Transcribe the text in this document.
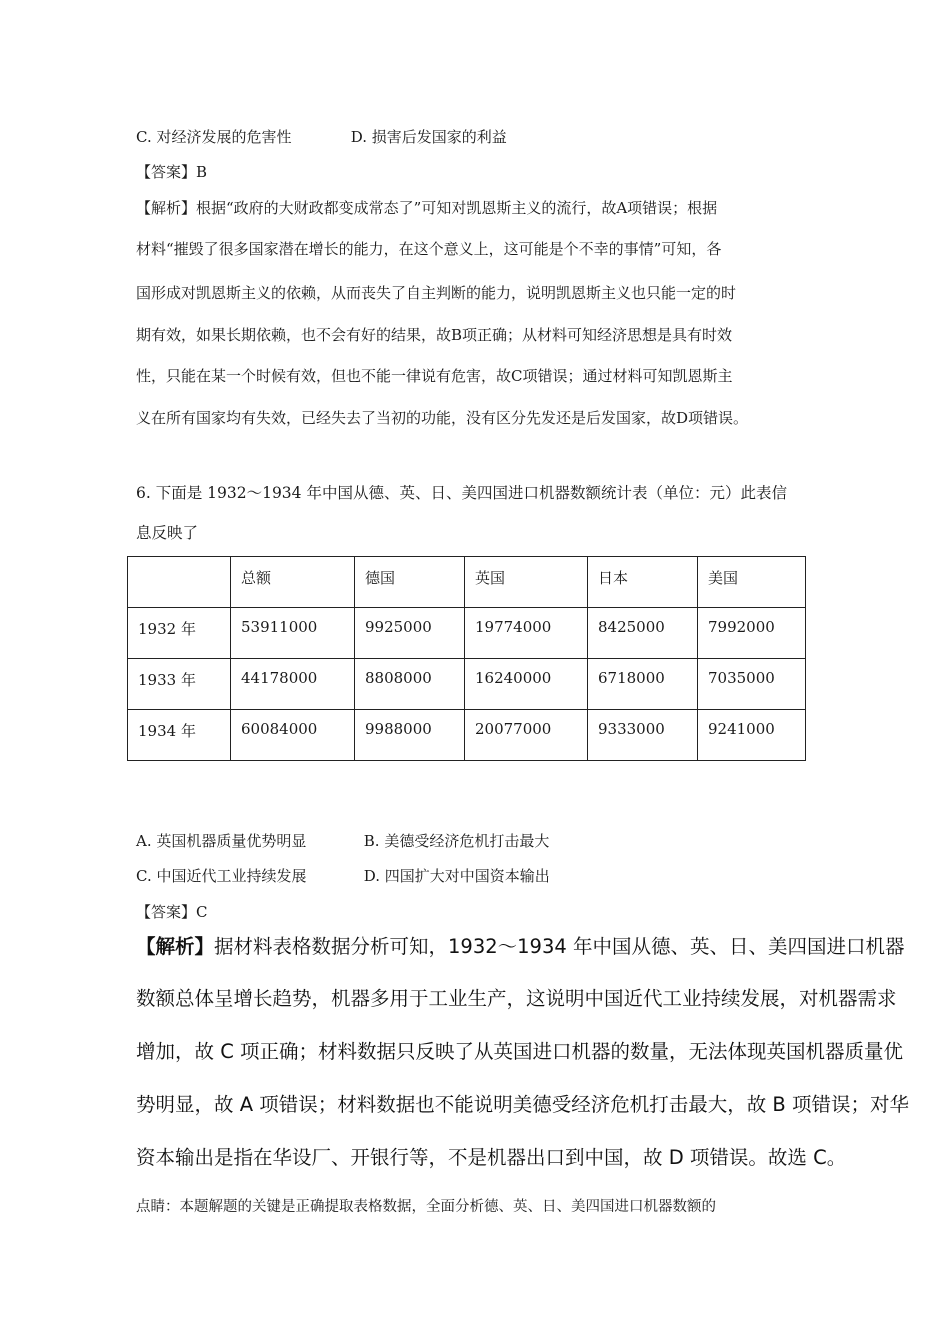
C. 对经济发展的危害性	D. 损害后发国家的利益
【答案】B
【解析】根据“政府的大财政都变成常态了”可知对凯恩斯主义的流行，故A项错误；根据
材料“摧毁了很多国家潜在增长的能力，在这个意义上，这可能是个不幸的事情”可知，各
国形成对凯恩斯主义的依赖，从而丧失了自主判断的能力，说明凯恩斯主义也只能一定的时
期有效，如果长期依赖，也不会有好的结果，故B项正确；从材料可知经济思想是具有时效
性，只能在某一个时候有效，但也不能一律说有危害，故C项错误；通过材料可知凯恩斯主
义在所有国家均有失效，已经失去了当初的功能，没有区分先发还是后发国家，故D项错误。
6. 下面是 1932～1934 年中国从德、英、日、美四国进口机器数额统计表（单位：元）此表信
息反映了
	总额	德国	英国	日本	美国
1932 年	53911000	9925000	19774000	8425000	7992000
1933 年	44178000	8808000	16240000	6718000	7035000
1934 年	60084000	9988000	20077000	9333000	9241000
A. 英国机器质量优势明显	B. 美德受经济危机打击最大
C. 中国近代工业持续发展	D. 四国扩大对中国资本输出
【答案】C
【解析】据材料表格数据分析可知，1932～1934 年中国从德、英、日、美四国进口机器
数额总体呈增长趋势，机器多用于工业生产，这说明中国近代工业持续发展，对机器需求
增加，故 C 项正确；材料数据只反映了从英国进口机器的数量，无法体现英国机器质量优
势明显，故 A 项错误；材料数据也不能说明美德受经济危机打击最大，故 B 项错误；对华
资本输出是指在华设厂、开银行等，不是机器出口到中国，故 D 项错误。故选 C。
点睛：本题解题的关键是正确提取表格数据，全面分析德、英、日、美四国进口机器数额的
